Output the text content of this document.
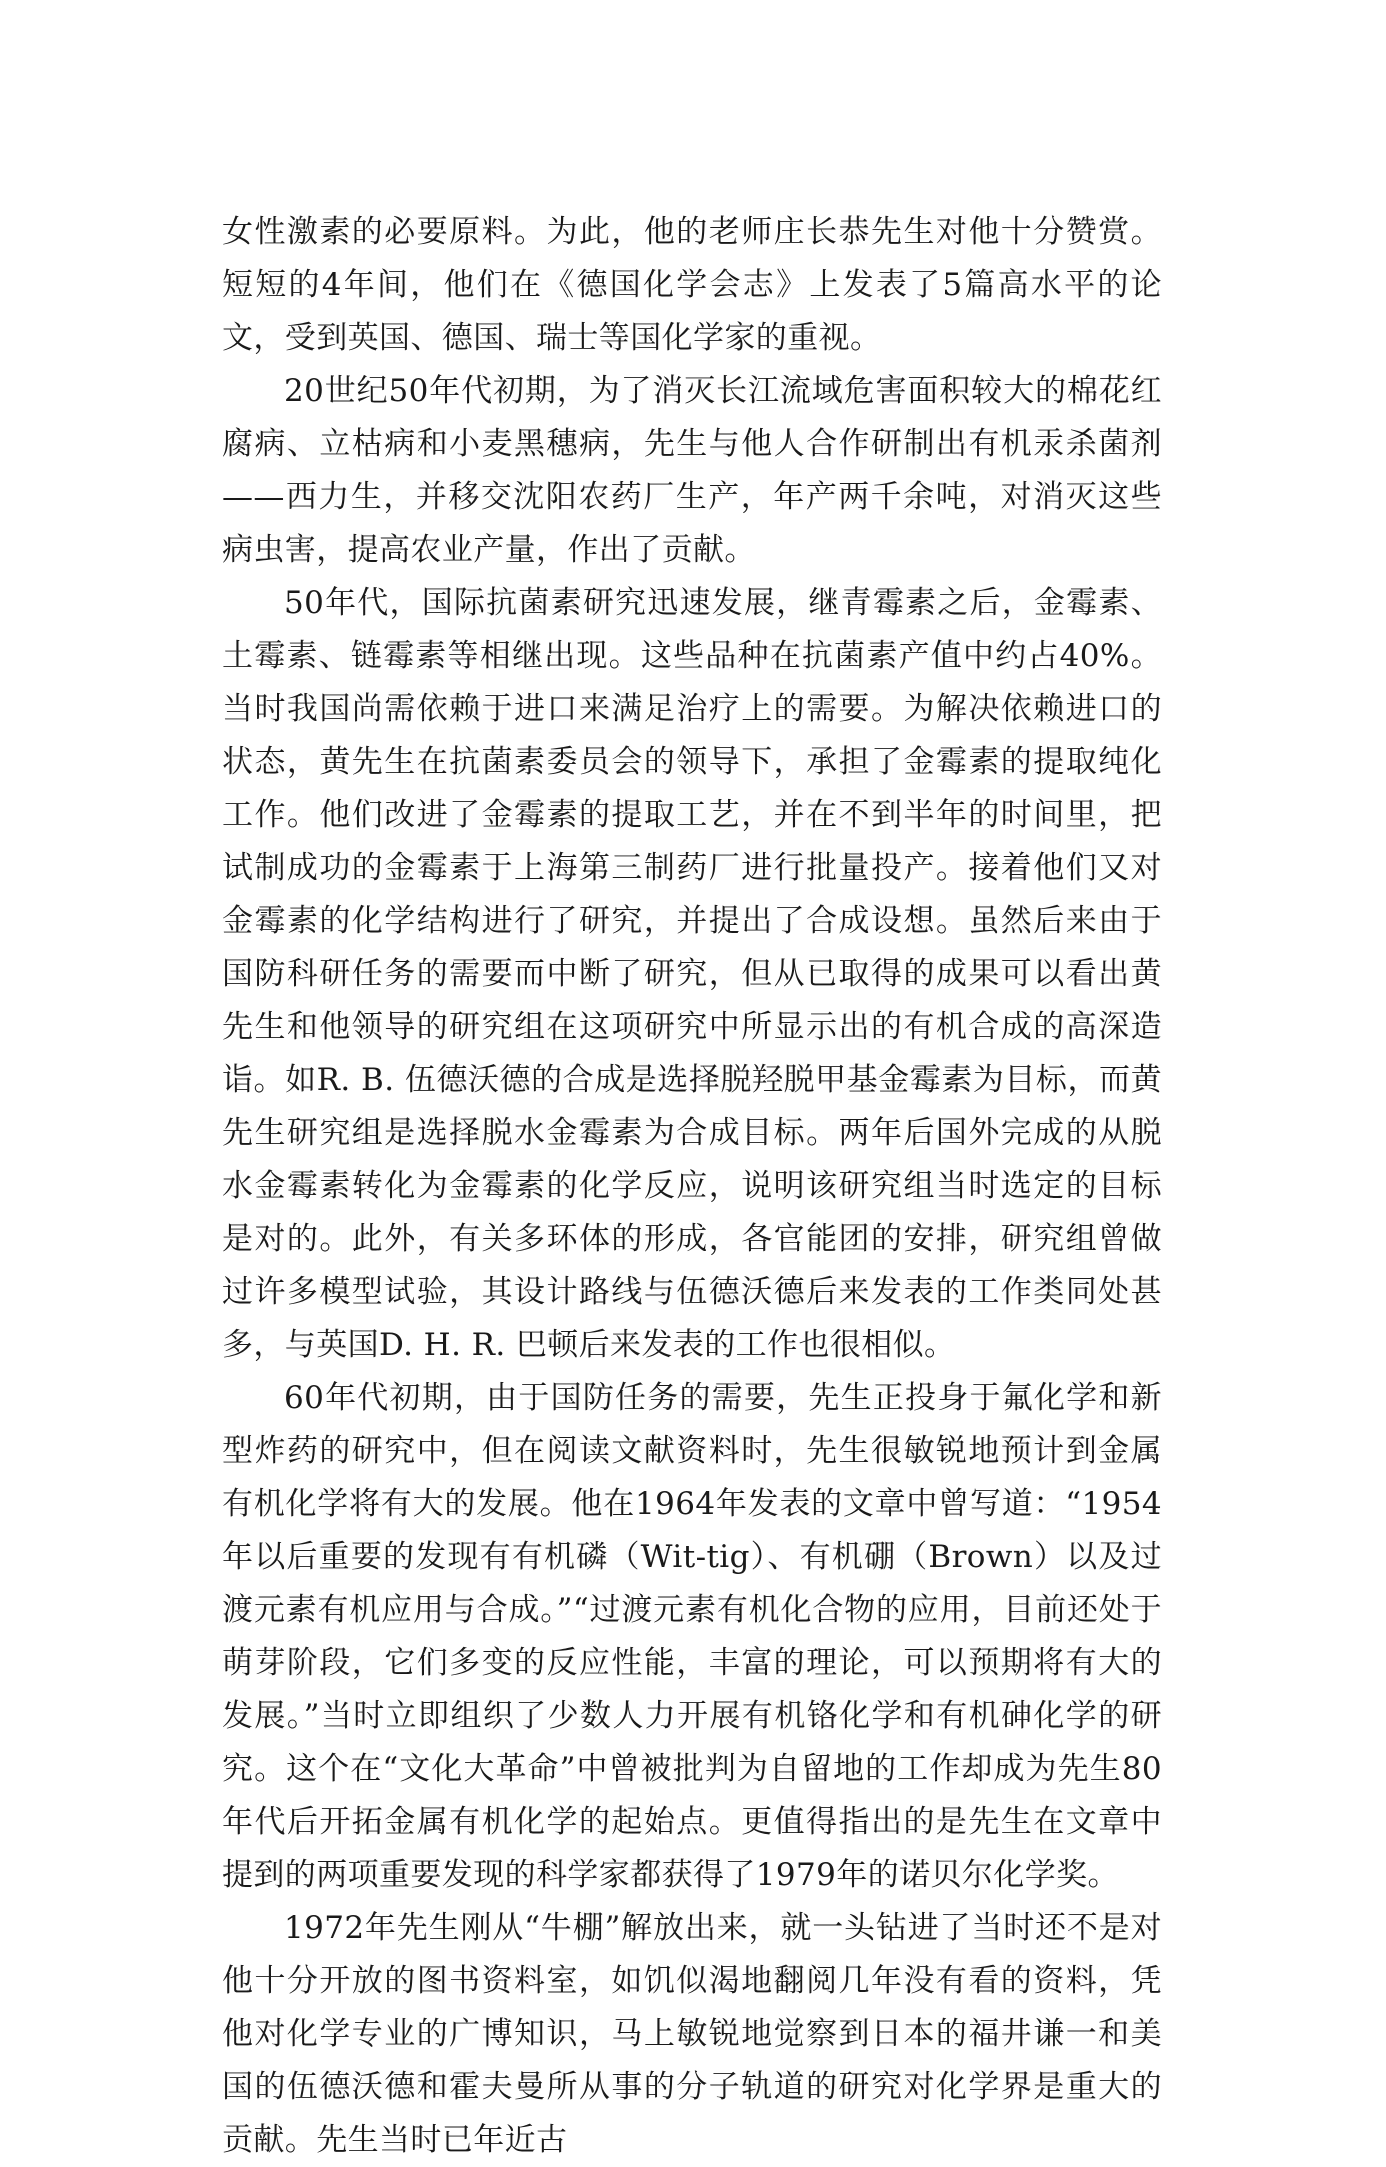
女性激素的必要原料。为此，他的老师庄长恭先生对他十分赞赏。短短的4年间，他们在《德国化学会志》上发表了5篇高水平的论文，受到英国、德国、瑞士等国化学家的重视。

20世纪50年代初期，为了消灭长江流域危害面积较大的棉花红腐病、立枯病和小麦黑穗病，先生与他人合作研制出有机汞杀菌剂——西力生，并移交沈阳农药厂生产，年产两千余吨，对消灭这些病虫害，提高农业产量，作出了贡献。

50年代，国际抗菌素研究迅速发展，继青霉素之后，金霉素、土霉素、链霉素等相继出现。这些品种在抗菌素产值中约占40%。当时我国尚需依赖于进口来满足治疗上的需要。为解决依赖进口的状态，黄先生在抗菌素委员会的领导下，承担了金霉素的提取纯化工作。他们改进了金霉素的提取工艺，并在不到半年的时间里，把试制成功的金霉素于上海第三制药厂进行批量投产。接着他们又对金霉素的化学结构进行了研究，并提出了合成设想。虽然后来由于国防科研任务的需要而中断了研究，但从已取得的成果可以看出黄先生和他领导的研究组在这项研究中所显示出的有机合成的高深造诣。如R. B. 伍德沃德的合成是选择脱羟脱甲基金霉素为目标，而黄先生研究组是选择脱水金霉素为合成目标。两年后国外完成的从脱水金霉素转化为金霉素的化学反应，说明该研究组当时选定的目标是对的。此外，有关多环体的形成，各官能团的安排，研究组曾做过许多模型试验，其设计路线与伍德沃德后来发表的工作类同处甚多，与英国D. H. R. 巴顿后来发表的工作也很相似。

60年代初期，由于国防任务的需要，先生正投身于氟化学和新型炸药的研究中，但在阅读文献资料时，先生很敏锐地预计到金属有机化学将有大的发展。他在1964年发表的文章中曾写道：“1954年以后重要的发现有有机磷（Wit-tig）、有机硼（Brown）以及过渡元素有机应用与合成。”“过渡元素有机化合物的应用，目前还处于萌芽阶段，它们多变的反应性能，丰富的理论，可以预期将有大的发展。”当时立即组织了少数人力开展有机铬化学和有机砷化学的研究。这个在“文化大革命”中曾被批判为自留地的工作却成为先生80年代后开拓金属有机化学的起始点。更值得指出的是先生在文章中提到的两项重要发现的科学家都获得了1979年的诺贝尔化学奖。

1972年先生刚从“牛棚”解放出来，就一头钻进了当时还不是对他十分开放的图书资料室，如饥似渴地翻阅几年没有看的资料，凭他对化学专业的广博知识，马上敏锐地觉察到日本的福井谦一和美国的伍德沃德和霍夫曼所从事的分子轨道的研究对化学界是重大的贡献。先生当时已年近古
